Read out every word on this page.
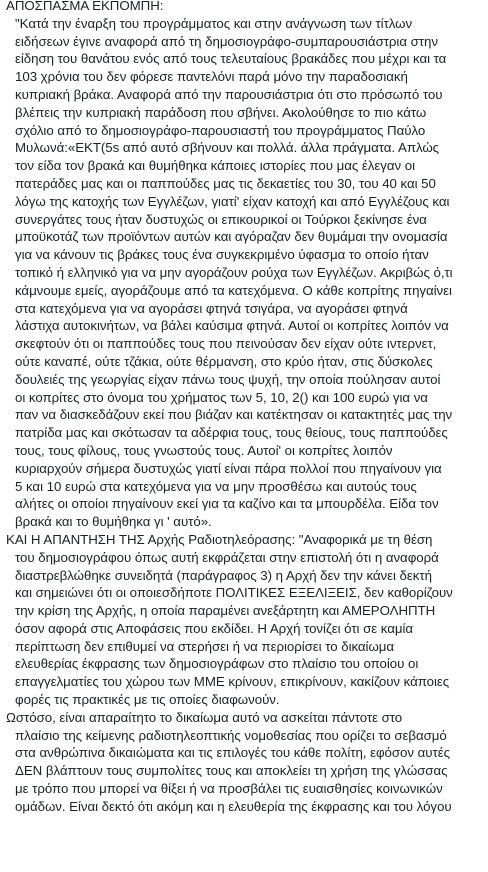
ΑΠΟΣΠΑΣΜΑ ΕΚΠΟΜΠΗ:
"Κατά την έναρξη του προγράμματος και στην ανάγνωση των τίτλων
ειδήσεων έγινε αναφορά από τη δημοσιογράφο-συμπαρουσιάστρια στην
είδηση του θανάτου ενός από τους τελευταίους βρακάδες που μέχρι και τα
103 χρόνια του δεν φόρεσε παντελόνι παρά μόνο την παραδοσιακή
κυπριακή βράκα. Αναφορά από την παρουσιάστρια ότι στο πρόσωπό του
βλέπεις την κυπριακή παράδοση που σβήνει. Ακολούθησε το πιο κάτω
σχόλιο από το δημοσιογράφο-παρουσιαστή του προγράμματος Παύλο
Μυλωνά:«ΕΚΤ(5s από αυτό σβήνουν και πολλά. άλλα πράγματα. Απλώς
τον είδα τον βρακά και θυμήθηκα κάποιες ιστορίες που μας έλεγαν οι
πατεράδες μας και οι παππούδες μας τις δεκαετίες του 30, του 40 και 50
λόγω της κατοχής των Εγγλέζων, γιατί' είχαν κατοχή και από Εγγλέζους και
συνεργάτες τους ήταν δυστυχώς οι επικουρικοί οι Τούρκοι ξεκίνησε ένα
μποϋκοτάζ των προϊόντων αυτών και αγόραζαν δεν θυμάμαι την ονομασία
για να κάνουν τις βράκες τους ένα συγκεκριμένο ύφασμα το οποίο ήταν
τοπικό ή ελληνικό για να μην αγοράζουν ρούχα των Εγγλέζων. Ακριβώς ό,τι
κάμνουμε εμείς, αγοράζουμε από τα κατεχόμενα. Ο κάθε κοπρίτης πηγαίνει
στα κατεχόμενα για να αγοράσει φτηνά τσιγάρα, να αγοράσει φτηνά
λάστιχα αυτοκινήτων, να βάλει καύσιμα φτηνά. Αυτοί οι κοπρίτες λοιπόν να
σκεφτούν ότι οι παππούδες τους που πεινούσαν δεν είχαν ούτε ιντερνετ,
ούτε καναπέ, ούτε τζάκια, ούτε θέρμανση, στο κρύο ήταν, στις δύσκολες
δουλειές της γεωργίας είχαν πάνω τους ψυχή, την οποία πούλησαν αυτοί
οι κοπρίτες στο όνομα του χρήματος των 5, 10, 2() και 100 ευρώ για να
παν να διασκεδάζουν εκεί που βιάζαν και κατέκτησαν οι κατακτητές μας την
πατρίδα μας και σκότωσαν τα αδέρφια τους, τους θείους, τους παππούδες
τους, τους φίλους, τους γνωστούς τους. Αυτοί' οι κοπρίτες λοιπόν
κυριαρχούν σήμερα δυστυχώς γιατί είναι πάρα πολλοί που πηγαίνουν για
5 και 10 ευρώ στα κατεχόμενα για να μην προσθέσω και αυτούς τους
αλήτες οι οποίοι πηγαίνουν εκεί για τα καζίνο και τα μπουρδέλα. Είδα τον
βρακά και το θυμήθηκα γι ' αυτό».
ΚΑΙ Η ΑΠΑΝΤΗΣΗ ΤΗΣ Αρχής Ραδιοτηλεόρασης: "Αναφορικά με τη θέση
του δημοσιογράφου όπως αυτή εκφράζεται στην επιστολή ότι η αναφορά
διαστρεβλώθηκε συνειδητά (παράγραφος 3) η Αρχή δεν την κάνει δεκτή
και σημειώνει ότι οι οποιεσδήποτε ΠΟΛΙΤΙΚΕΣ ΕΞΕΛΙΞΕΙΣ, δεν καθορίζουν
την κρίση της Αρχής, η οποία παραμένει ανεξάρτητη και ΑΜΕΡΟΛΗΠΤΗ
όσον αφορά στις Αποφάσεις που εκδίδει. Η Αρχή τονίζει ότι σε καμία
περίπτωση δεν επιθυμεί να στερήσει ή να περιορίσει το δικαίωμα
ελευθερίας έκφρασης των δημοσιογράφων στο πλαίσιο του οποίου οι
επαγγελματίες του χώρου των ΜΜΕ κρίνουν, επικρίνουν, κακίζουν κάποιες
φορές τις πρακτικές με τις οποίες διαφωνούν.
Ωστόσο, είναι απαραίτητο το δικαίωμα αυτό να ασκείται πάντοτε στο
πλαίσιο της κείμενης ραδιοτηλεοπτικής νομοθεσίας που ορίζει το σεβασμό
στα ανθρώπινα δικαιώματα και τις επιλογές του κάθε πολίτη, εφόσον αυτές
ΔΕΝ βλάπτουν τους συμπολίτες τους και αποκλείει τη χρήση της γλώσσας
με τρόπο που μπορεί να θίξει ή να προσβάλει τις ευαισθησίες κοινωνικών
ομάδων. Είναι δεκτό ότι ακόμη και η ελευθερία της έκφρασης και του λόγου
